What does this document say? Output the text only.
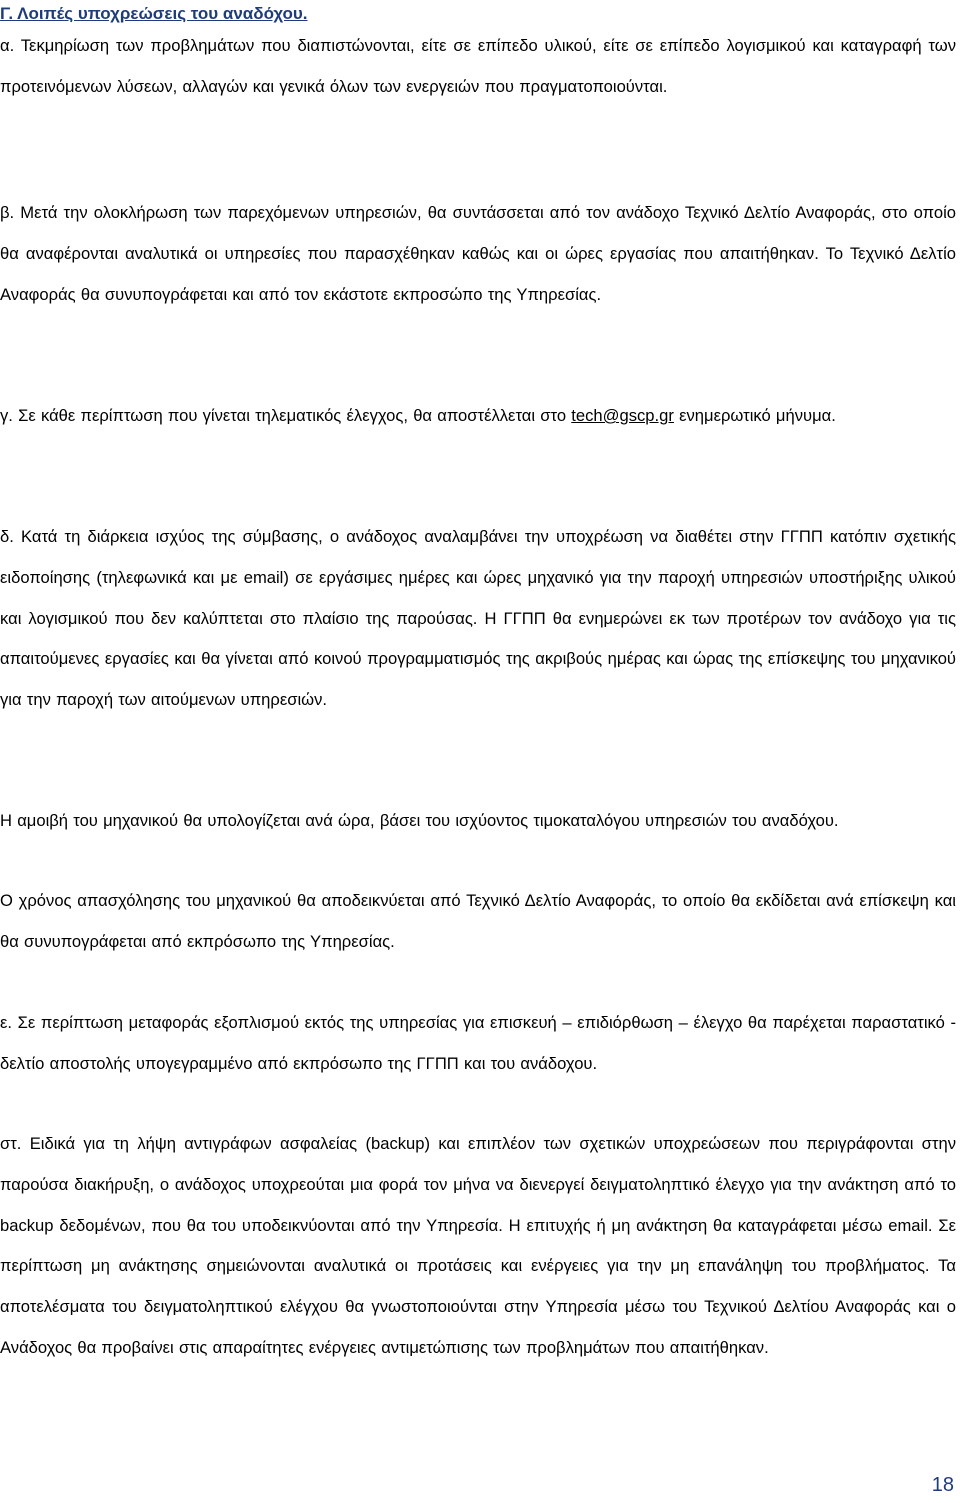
Γ. Λοιπές υποχρεώσεις του αναδόχου.

α. Τεκμηρίωση των προβλημάτων που διαπιστώνονται, είτε σε επίπεδο υλικού, είτε σε επίπεδο λογισμικού και καταγραφή των προτεινόμενων λύσεων, αλλαγών και γενικά όλων των ενεργειών που πραγματοποιούνται.

β. Μετά την ολοκλήρωση των παρεχόμενων υπηρεσιών, θα συντάσσεται από τον ανάδοχο Τεχνικό Δελτίο Αναφοράς, στο οποίο θα αναφέρονται αναλυτικά οι υπηρεσίες που παρασχέθηκαν καθώς και οι ώρες εργασίας που απαιτήθηκαν. Το Τεχνικό Δελτίο Αναφοράς θα συνυπογράφεται και από τον εκάστοτε εκπροσώπο της Υπηρεσίας.

γ. Σε κάθε περίπτωση που γίνεται τηλεματικός έλεγχος, θα αποστέλλεται στο tech@gscp.gr ενημερωτικό μήνυμα.

δ. Κατά τη διάρκεια ισχύος της σύμβασης, ο ανάδοχος αναλαμβάνει την υποχρέωση να διαθέτει στην ΓΓΠΠ κατόπιν σχετικής ειδοποίησης (τηλεφωνικά και με email) σε εργάσιμες ημέρες και ώρες μηχανικό για την παροχή υπηρεσιών υποστήριξης υλικού και λογισμικού που δεν καλύπτεται στο πλαίσιο της παρούσας. Η ΓΓΠΠ θα ενημερώνει εκ των προτέρων τον ανάδοχο για τις απαιτούμενες εργασίες και θα γίνεται από κοινού προγραμματισμός της ακριβούς ημέρας και ώρας της επίσκεψης του μηχανικού για την παροχή των αιτούμενων υπηρεσιών.

Η αμοιβή του μηχανικού θα υπολογίζεται ανά ώρα, βάσει του ισχύοντος τιμοκαταλόγου υπηρεσιών του αναδόχου.

Ο χρόνος απασχόλησης του μηχανικού θα αποδεικνύεται από Τεχνικό Δελτίο Αναφοράς, το οποίο θα εκδίδεται ανά επίσκεψη και θα συνυπογράφεται από εκπρόσωπο της Υπηρεσίας.

ε. Σε περίπτωση μεταφοράς εξοπλισμού εκτός της υπηρεσίας για επισκευή – επιδιόρθωση – έλεγχο θα παρέχεται παραστατικό - δελτίο αποστολής υπογεγραμμένο από εκπρόσωπο της ΓΓΠΠ και του ανάδοχου.

στ. Ειδικά για τη λήψη αντιγράφων ασφαλείας (backup) και επιπλέον των σχετικών υποχρεώσεων που περιγράφονται στην παρούσα διακήρυξη, ο ανάδοχος υποχρεούται μια φορά τον μήνα να διενεργεί δειγματοληπτικό έλεγχο για την ανάκτηση από το backup δεδομένων, που θα του υποδεικνύονται από την Υπηρεσία. Η επιτυχής ή μη ανάκτηση θα καταγράφεται μέσω email. Σε περίπτωση μη ανάκτησης σημειώνονται αναλυτικά οι προτάσεις και ενέργειες για την μη επανάληψη του προβλήματος. Τα αποτελέσματα του δειγματοληπτικού ελέγχου θα γνωστοποιούνται στην Υπηρεσία μέσω του Τεχνικού Δελτίου Αναφοράς και ο Ανάδοχος θα προβαίνει στις απαραίτητες ενέργειες αντιμετώπισης των προβλημάτων που απαιτήθηκαν.

18
